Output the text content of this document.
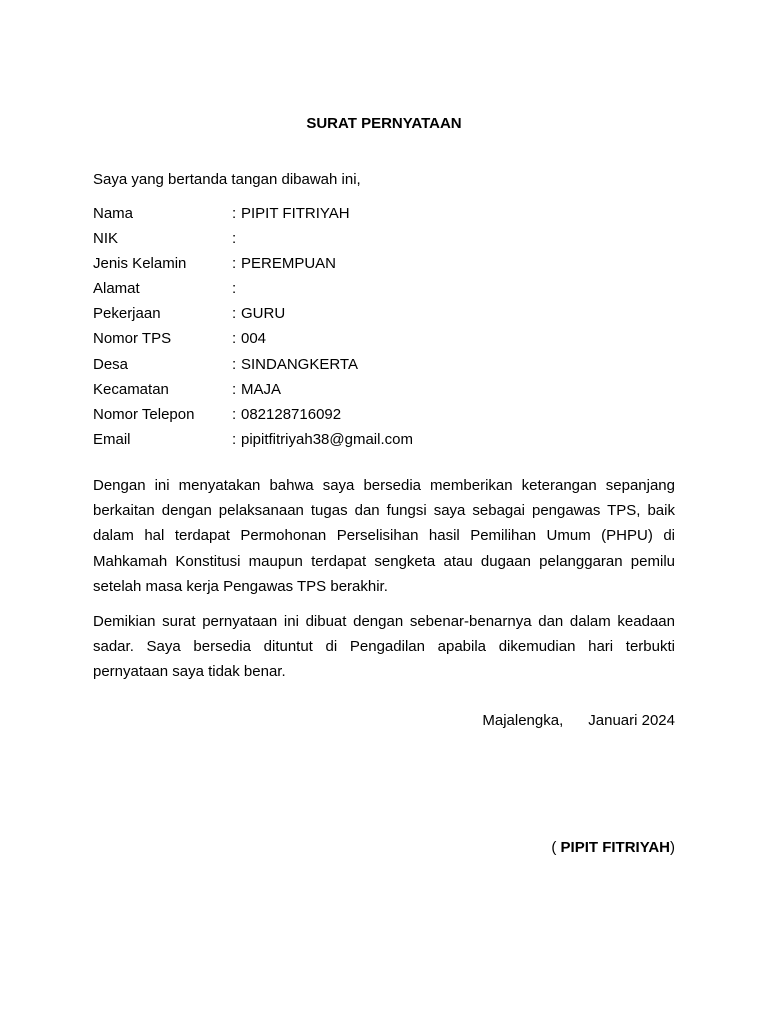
SURAT PERNYATAAN
Saya yang bertanda tangan dibawah ini,
Nama	: PIPIT FITRIYAH
NIK	:
Jenis Kelamin	: PEREMPUAN
Alamat	:
Pekerjaan	: GURU
Nomor TPS	: 004
Desa	: SINDANGKERTA
Kecamatan	: MAJA
Nomor Telepon	: 082128716092
Email	: pipitfitriyah38@gmail.com

Dengan ini menyatakan bahwa saya bersedia memberikan keterangan sepanjang berkaitan dengan pelaksanaan tugas dan fungsi saya sebagai pengawas TPS, baik dalam hal terdapat Permohonan Perselisihan hasil Pemilihan Umum (PHPU) di Mahkamah Konstitusi maupun terdapat sengketa atau dugaan pelanggaran pemilu setelah masa kerja Pengawas TPS berakhir.

Demikian surat pernyataan ini dibuat dengan sebenar-benarnya dan dalam keadaan sadar. Saya bersedia dituntut di Pengadilan apabila dikemudian hari terbukti pernyataan saya tidak benar.

Majalengka,      Januari 2024
( PIPIT FITRIYAH)
